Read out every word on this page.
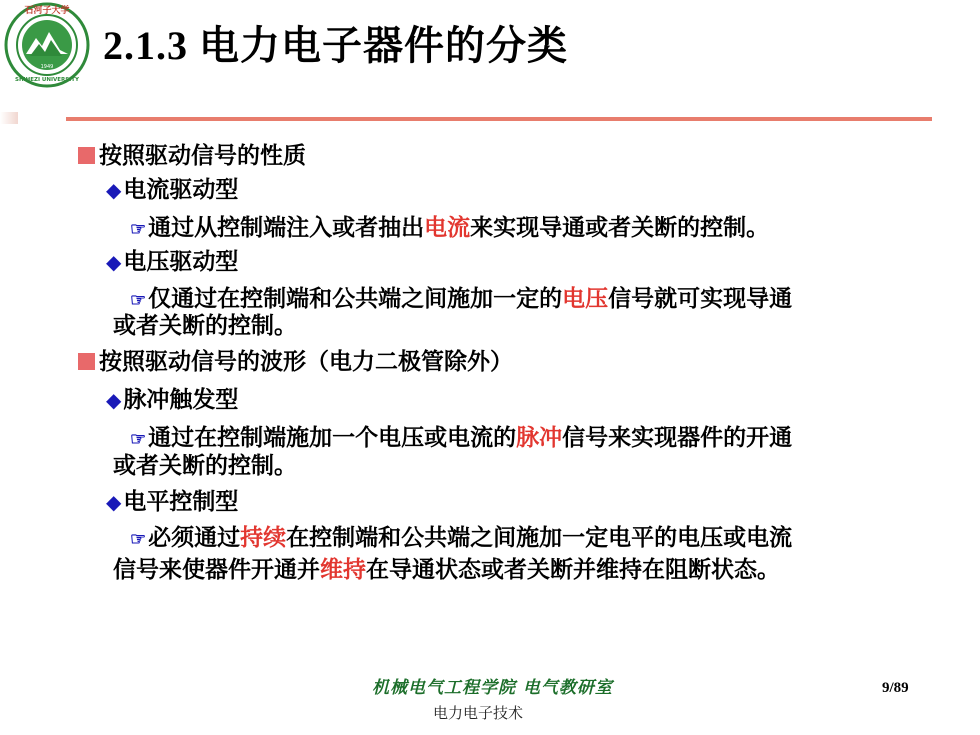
石河子大学
SHIHEZI UNIVERSITY
1949 2.1.3 电力电子器件的分类
按照驱动信号的性质
◆电流驱动型
☞通过从控制端注入或者抽出电流来实现导通或者关断的控制。
◆电压驱动型
☞仅通过在控制端和公共端之间施加一定的电压信号就可实现导通
或者关断的控制。
按照驱动信号的波形（电力二极管除外）
◆脉冲触发型
☞通过在控制端施加一个电压或电流的脉冲信号来实现器件的开通
或者关断的控制。
◆电平控制型
☞必须通过持续在控制端和公共端之间施加一定电平的电压或电流
信号来使器件开通并维持在导通状态或者关断并维持在阻断状态。
机械电气工程学院 电气教研室
电力电子技术
9/89
